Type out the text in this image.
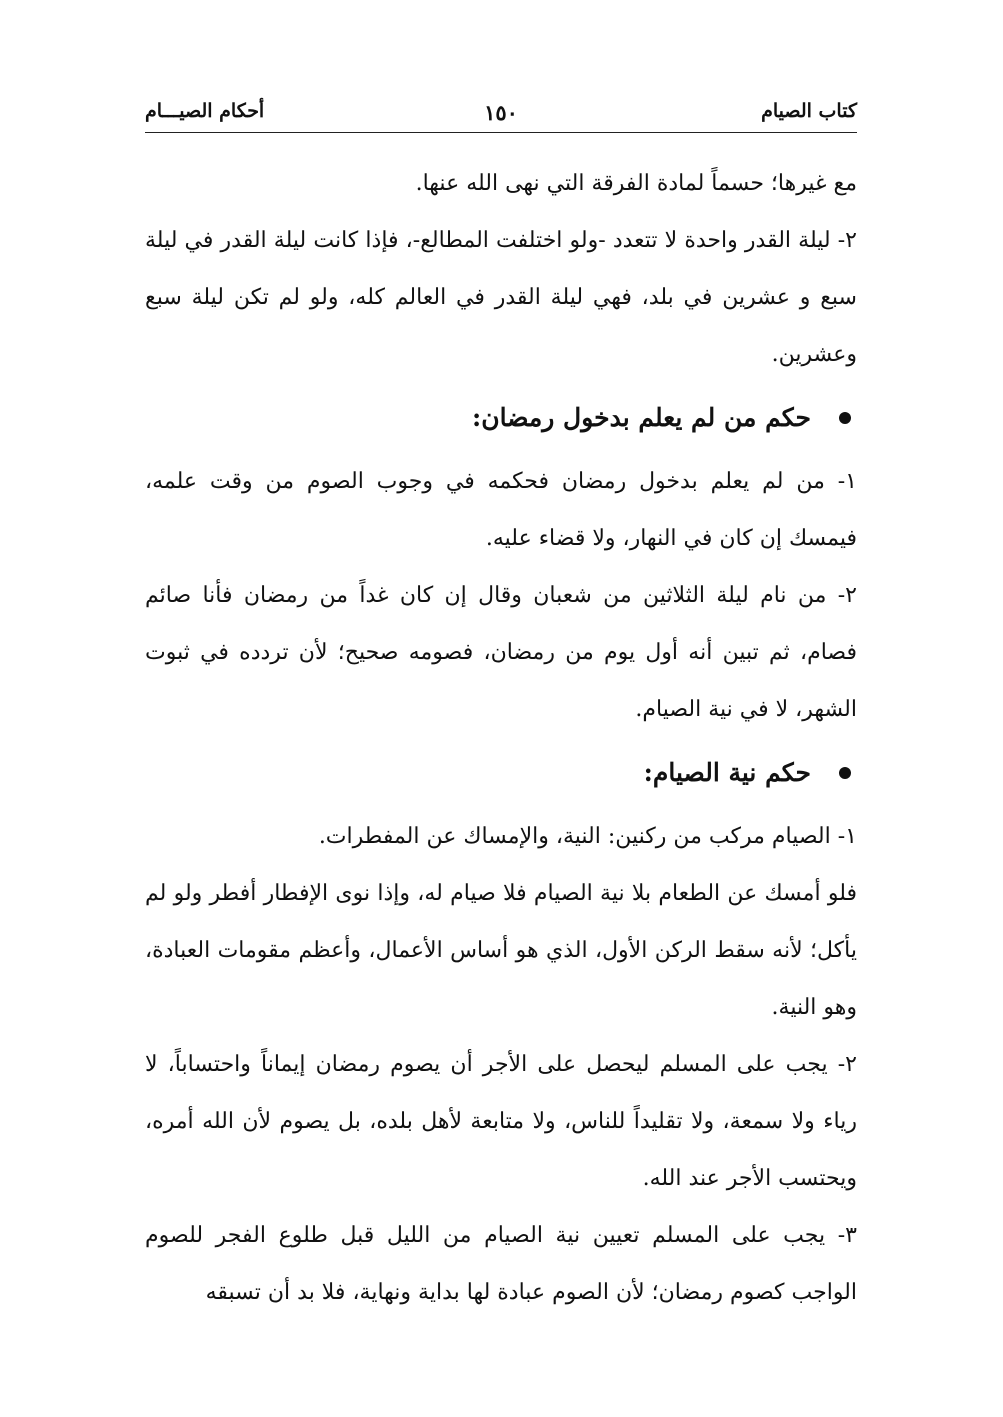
كتاب الصيام
١٥٠
أحكام الصيـــام

مع غيرها؛ حسماً لمادة الفرقة التي نهى الله عنها.

٢- ليلة القدر واحدة لا تتعدد -ولو اختلفت المطالع-، فإذا كانت ليلة القدر في ليلة سبع و عشرين في بلد، فهي ليلة القدر في العالم كله، ولو لم تكن ليلة سبع وعشرين.

حكم من لم يعلم بدخول رمضان:

١- من لم يعلم بدخول رمضان فحكمه في وجوب الصوم من وقت علمه، فيمسك إن كان في النهار، ولا قضاء عليه.

٢- من نام ليلة الثلاثين من شعبان وقال إن كان غداً من رمضان فأنا صائم فصام، ثم تبين أنه أول يوم من رمضان، فصومه صحيح؛ لأن تردده في ثبوت الشهر، لا في نية الصيام.

حكم نية الصيام:

١- الصيام مركب من ركنين: النية، والإمساك عن المفطرات.

فلو أمسك عن الطعام بلا نية الصيام فلا صيام له، وإذا نوى الإفطار أفطر ولو لم يأكل؛ لأنه سقط الركن الأول، الذي هو أساس الأعمال، وأعظم مقومات العبادة، وهو النية.

٢- يجب على المسلم ليحصل على الأجر أن يصوم رمضان إيماناً واحتساباً، لا رياء ولا سمعة، ولا تقليداً للناس، ولا متابعة لأهل بلده، بل يصوم لأن الله أمره، ويحتسب الأجر عند الله.

٣- يجب على المسلم تعيين نية الصيام من الليل قبل طلوع الفجر للصوم الواجب كصوم رمضان؛ لأن الصوم عبادة لها بداية ونهاية، فلا بد أن تسبقه
